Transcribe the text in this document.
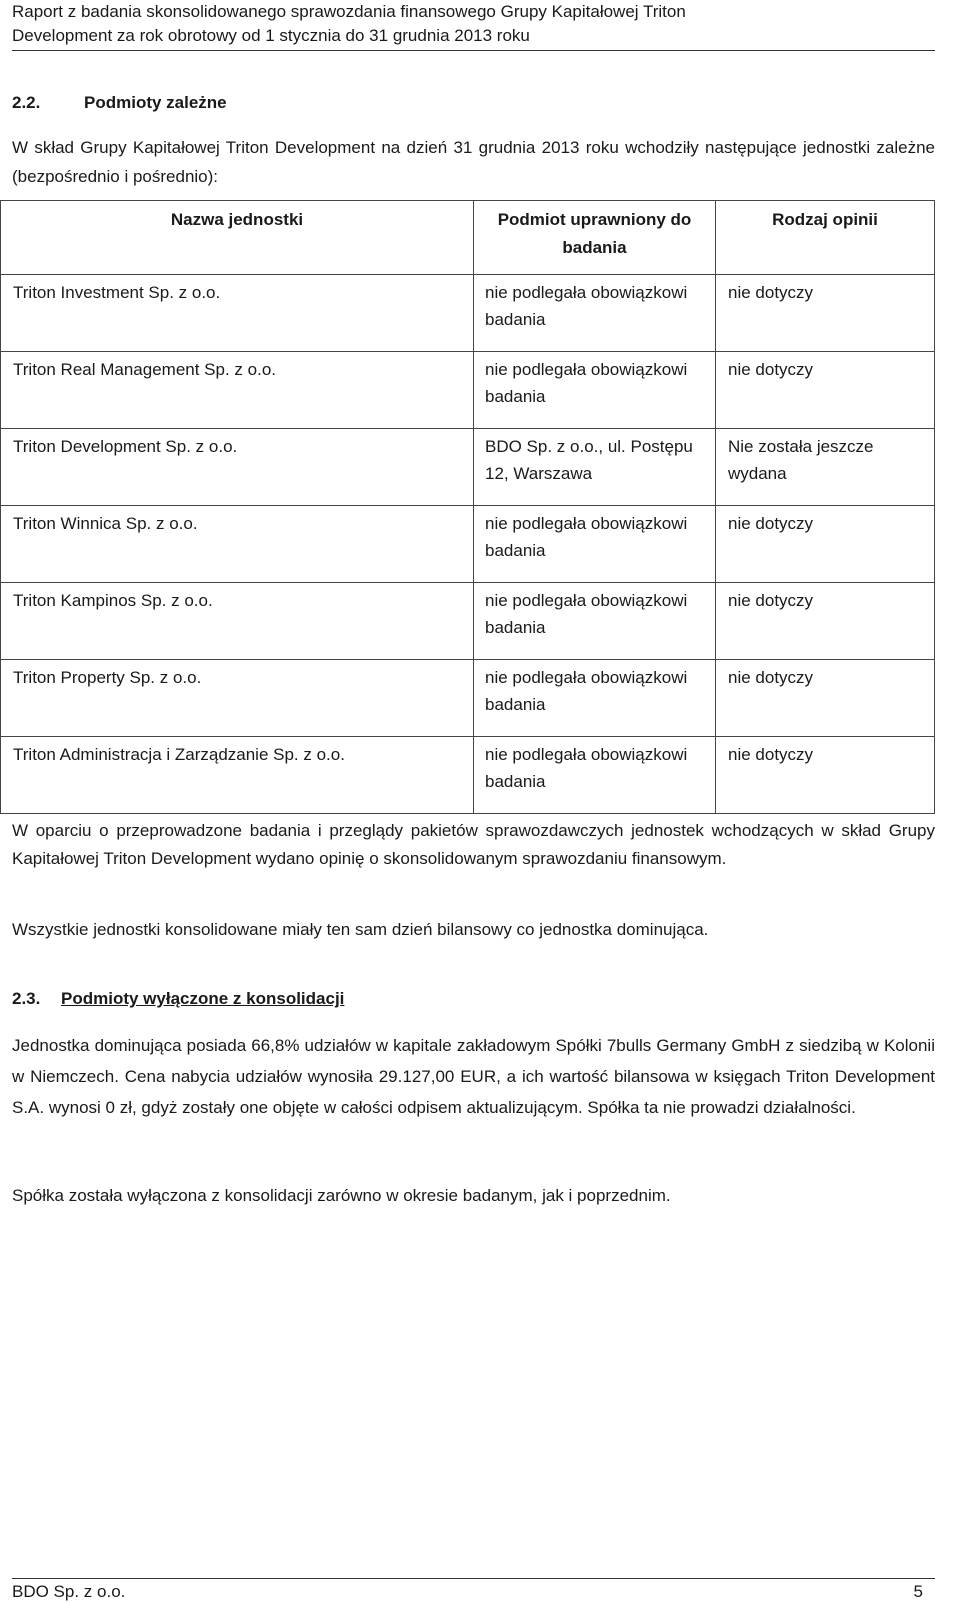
Raport z badania skonsolidowanego sprawozdania finansowego Grupy Kapitałowej Triton
Development za rok obrotowy od 1 stycznia do 31 grudnia 2013 roku
2.2.	Podmioty zależne
W skład Grupy Kapitałowej Triton Development na dzień 31 grudnia 2013 roku wchodziły następujące jednostki zależne (bezpośrednio i pośrednio):
Nazwa jednostki	Podmiot uprawniony do badania	Rodzaj opinii
Triton Investment Sp. z o.o.	nie podlegała obowiązkowi badania	nie dotyczy
Triton Real Management Sp. z o.o.	nie podlegała obowiązkowi badania	nie dotyczy
Triton Development Sp. z o.o.	BDO Sp. z o.o., ul. Postępu 12, Warszawa	Nie została jeszcze wydana
Triton Winnica Sp. z o.o.	nie podlegała obowiązkowi badania	nie dotyczy
Triton Kampinos Sp. z o.o.	nie podlegała obowiązkowi badania	nie dotyczy
Triton Property Sp. z o.o.	nie podlegała obowiązkowi badania	nie dotyczy
Triton Administracja i Zarządzanie Sp. z o.o.	nie podlegała obowiązkowi badania	nie dotyczy
W oparciu o przeprowadzone badania i przeglądy pakietów sprawozdawczych jednostek wchodzących w skład Grupy Kapitałowej Triton Development wydano opinię o skonsolidowanym sprawozdaniu finansowym.
Wszystkie jednostki konsolidowane miały ten sam dzień bilansowy co jednostka dominująca.
2.3. Podmioty wyłączone z konsolidacji
Jednostka dominująca posiada 66,8% udziałów w kapitale zakładowym Spółki 7bulls Germany GmbH z siedzibą w Kolonii w Niemczech. Cena nabycia udziałów wynosiła 29.127,00 EUR, a ich wartość bilansowa w księgach Triton Development S.A. wynosi 0 zł, gdyż zostały one objęte w całości odpisem aktualizującym. Spółka ta nie prowadzi działalności.
Spółka została wyłączona z konsolidacji zarówno w okresie badanym, jak i poprzednim.
BDO Sp. z o.o.	5
